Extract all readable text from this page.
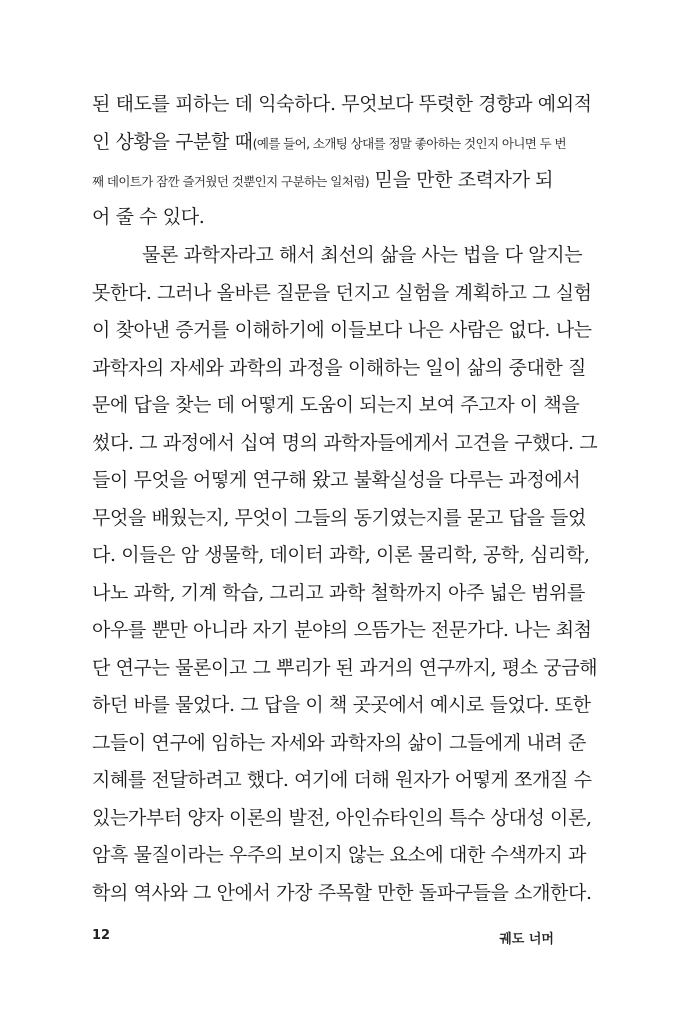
된 태도를 피하는 데 익숙하다. 무엇보다 뚜렷한 경향과 예외적
인 상황을 구분할 때(예를 들어, 소개팅 상대를 정말 좋아하는 것인지 아니면 두 번
째 데이트가 잠깐 즐거웠던 것뿐인지 구분하는 일처럼) 믿을 만한 조력자가 되
어 줄 수 있다.
물론 과학자라고 해서 최선의 삶을 사는 법을 다 알지는
못한다. 그러나 올바른 질문을 던지고 실험을 계획하고 그 실험
이 찾아낸 증거를 이해하기에 이들보다 나은 사람은 없다. 나는
과학자의 자세와 과학의 과정을 이해하는 일이 삶의 중대한 질
문에 답을 찾는 데 어떻게 도움이 되는지 보여 주고자 이 책을
썼다. 그 과정에서 십여 명의 과학자들에게서 고견을 구했다. 그
들이 무엇을 어떻게 연구해 왔고 불확실성을 다루는 과정에서
무엇을 배웠는지, 무엇이 그들의 동기였는지를 묻고 답을 들었
다. 이들은 암 생물학, 데이터 과학, 이론 물리학, 공학, 심리학,
나노 과학, 기계 학습, 그리고 과학 철학까지 아주 넓은 범위를
아우를 뿐만 아니라 자기 분야의 으뜸가는 전문가다. 나는 최첨
단 연구는 물론이고 그 뿌리가 된 과거의 연구까지, 평소 궁금해
하던 바를 물었다. 그 답을 이 책 곳곳에서 예시로 들었다. 또한
그들이 연구에 임하는 자세와 과학자의 삶이 그들에게 내려 준
지혜를 전달하려고 했다. 여기에 더해 원자가 어떻게 쪼개질 수
있는가부터 양자 이론의 발전, 아인슈타인의 특수 상대성 이론,
암흑 물질이라는 우주의 보이지 않는 요소에 대한 수색까지 과
학의 역사와 그 안에서 가장 주목할 만한 돌파구들을 소개한다.
12	궤도 너머
